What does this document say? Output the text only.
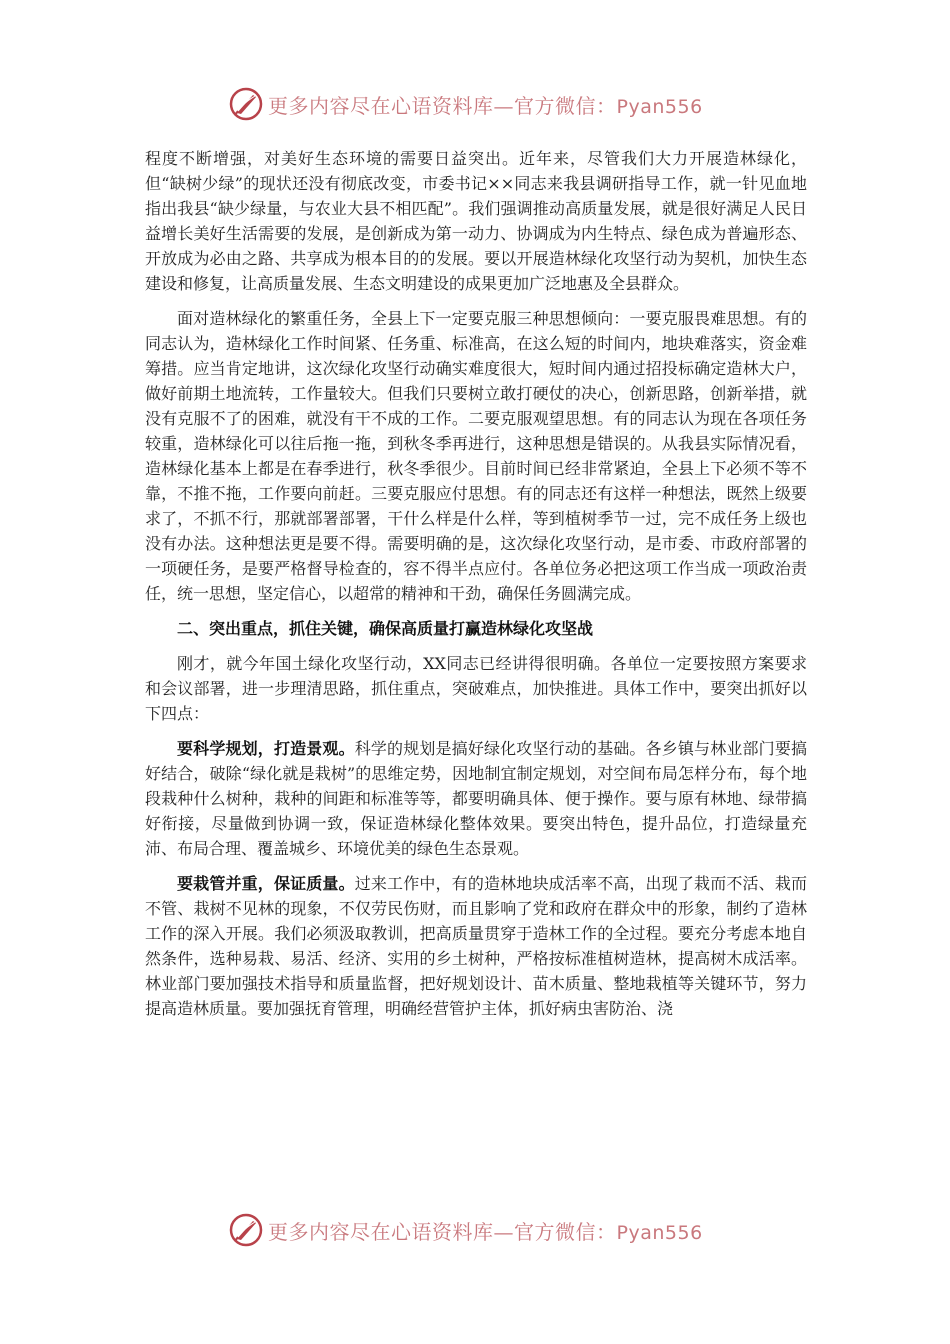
更多内容尽在心语资料库—官方微信：Pyan556

程度不断增强，对美好生态环境的需要日益突出。近年来，尽管我们大力开展造林绿化，但“缺树少绿”的现状还没有彻底改变，市委书记××同志来我县调研指导工作，就一针见血地指出我县“缺少绿量，与农业大县不相匹配”。我们强调推动高质量发展，就是很好满足人民日益增长美好生活需要的发展，是创新成为第一动力、协调成为内生特点、绿色成为普遍形态、开放成为必由之路、共享成为根本目的的发展。要以开展造林绿化攻坚行动为契机，加快生态建设和修复，让高质量发展、生态文明建设的成果更加广泛地惠及全县群众。

面对造林绿化的繁重任务，全县上下一定要克服三种思想倾向：一要克服畏难思想。有的同志认为，造林绿化工作时间紧、任务重、标准高，在这么短的时间内，地块难落实，资金难筹措。应当肯定地讲，这次绿化攻坚行动确实难度很大，短时间内通过招投标确定造林大户，做好前期土地流转，工作量较大。但我们只要树立敢打硬仗的决心，创新思路，创新举措，就没有克服不了的困难，就没有干不成的工作。二要克服观望思想。有的同志认为现在各项任务较重，造林绿化可以往后拖一拖，到秋冬季再进行，这种思想是错误的。从我县实际情况看，造林绿化基本上都是在春季进行，秋冬季很少。目前时间已经非常紧迫，全县上下必须不等不靠，不推不拖，工作要向前赶。三要克服应付思想。有的同志还有这样一种想法，既然上级要求了，不抓不行，那就部署部署，干什么样是什么样，等到植树季节一过，完不成任务上级也没有办法。这种想法更是要不得。需要明确的是，这次绿化攻坚行动，是市委、市政府部署的一项硬任务，是要严格督导检查的，容不得半点应付。各单位务必把这项工作当成一项政治责任，统一思想，坚定信心，以超常的精神和干劲，确保任务圆满完成。

二、突出重点，抓住关键，确保高质量打赢造林绿化攻坚战

刚才，就今年国土绿化攻坚行动，XX同志已经讲得很明确。各单位一定要按照方案要求和会议部署，进一步理清思路，抓住重点，突破难点，加快推进。具体工作中，要突出抓好以下四点：

要科学规划，打造景观。科学的规划是搞好绿化攻坚行动的基础。各乡镇与林业部门要搞好结合，破除“绿化就是栽树”的思维定势，因地制宜制定规划，对空间布局怎样分布，每个地段栽种什么树种，栽种的间距和标准等等，都要明确具体、便于操作。要与原有林地、绿带搞好衔接，尽量做到协调一致，保证造林绿化整体效果。要突出特色，提升品位，打造绿量充沛、布局合理、覆盖城乡、环境优美的绿色生态景观。

要栽管并重，保证质量。过来工作中，有的造林地块成活率不高，出现了栽而不活、栽而不管、栽树不见林的现象，不仅劳民伤财，而且影响了党和政府在群众中的形象，制约了造林工作的深入开展。我们必须汲取教训，把高质量贯穿于造林工作的全过程。要充分考虑本地自然条件，选种易栽、易活、经济、实用的乡土树种，严格按标准植树造林，提高树木成活率。林业部门要加强技术指导和质量监督，把好规划设计、苗木质量、整地栽植等关键环节，努力提高造林质量。要加强抚育管理，明确经营管护主体，抓好病虫害防治、浇

更多内容尽在心语资料库—官方微信：Pyan556
